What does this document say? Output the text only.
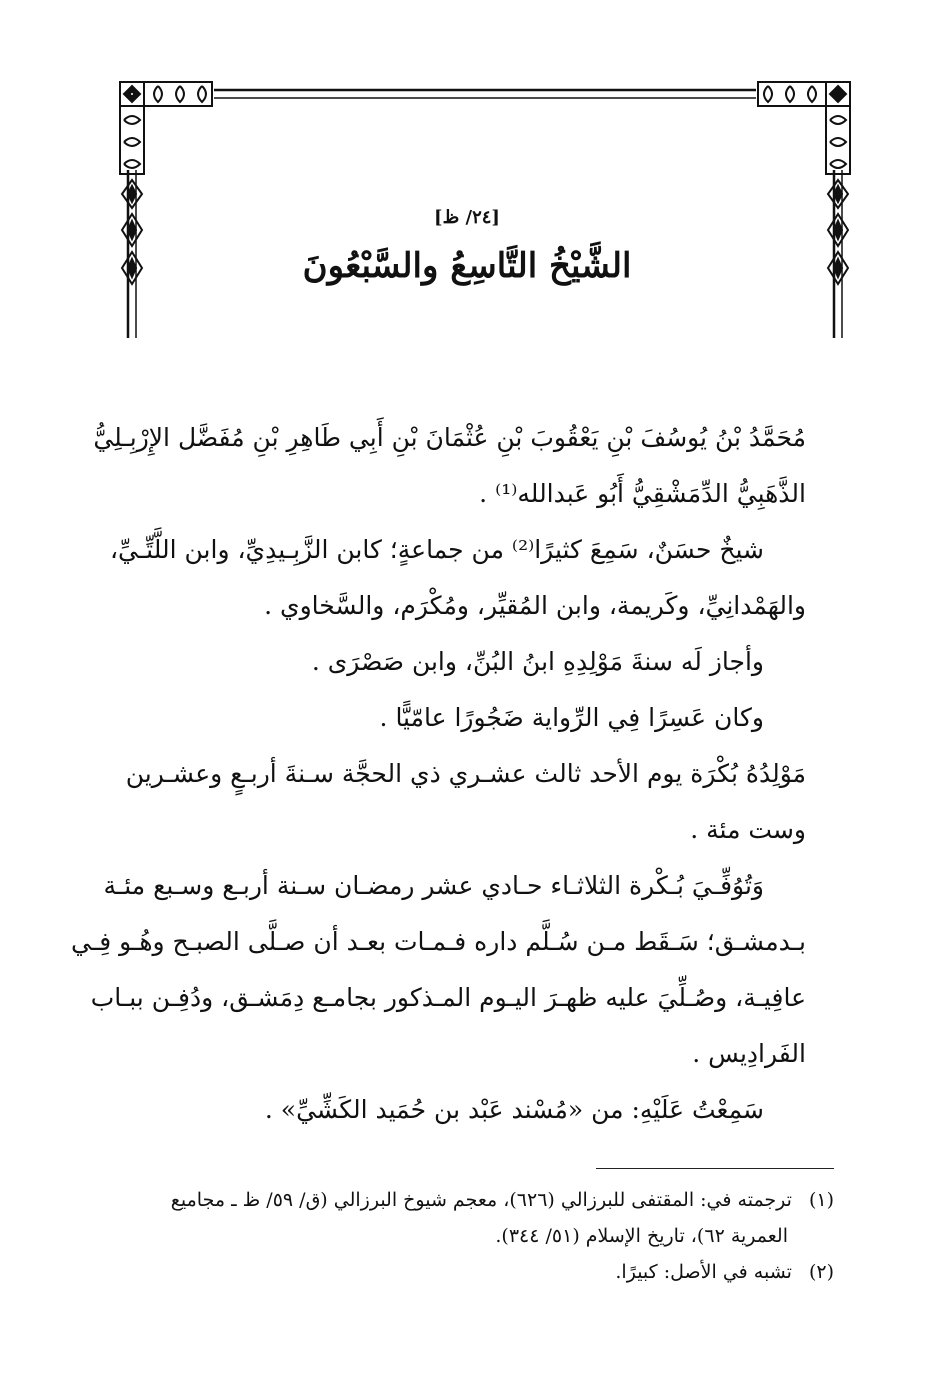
[٢٤/ ظ]
الشَّيْخُ التَّاسِعُ والسَّبْعُونَ
مُحَمَّدُ بْنُ يُوسُفَ بْنِ يَعْقُوبَ بْنِ عُثْمَانَ بْنِ أَبِي طَاهِرِ بْنِ مُفَضَّل الإِرْبِـلِيُّ
الذَّهَبِيُّ الدِّمَشْقِيُّ أَبُو عَبدالله⁽¹⁾ .
شيخٌ حسَنٌ، سَمِعَ كثيرًا⁽²⁾ من جماعةٍ؛ كابن الزَّبِـيدِيِّ، وابن اللَّتِّـيِّ،
والهَمْدانِيِّ، وكَريمة، وابن المُقيِّر، ومُكْرَم، والسَّخاوي .
وأجاز لَه سنةَ مَوْلِدِهِ ابنُ البُنِّ، وابن صَصْرَى .
وكان عَسِرًا فِي الرِّواية ضَجُورًا عامّيًّا .
مَوْلِدُهُ بُكْرَة يوم الأحد ثالث عشـري ذي الحجَّة سـنةَ أربـعٍ وعشـرين
وست مئة .
وَتُوُفِّـيَ بُـكْرة الثلاثـاء حـادي عشر رمضـان سـنة أربـع وسـبع مئـة
بـدمشـق؛ سَـقَط مـن سُـلَّم داره فـمـات بعـد أن صـلَّى الصبـح وهُـو فِـي
عافِيـة، وصُـلِّيَ عليه ظهـرَ اليـوم المـذكور بجامـع دِمَشـق، ودُفِـن ببـاب
الفَرادِيس .
سَمِعْتُ عَلَيْهِ: من «مُسْند عَبْد بن حُمَيد الكَشِّيِّ» .
(١) ترجمته في: المقتفى للبرزالي (٦٢٦)، معجم شيوخ البرزالي (ق/ ٥٩/ ظ ـ مجاميع
العمرية ٦٢)، تاريخ الإسلام (٥١/ ٣٤٤).
(٢) تشبه في الأصل: كبيرًا.
